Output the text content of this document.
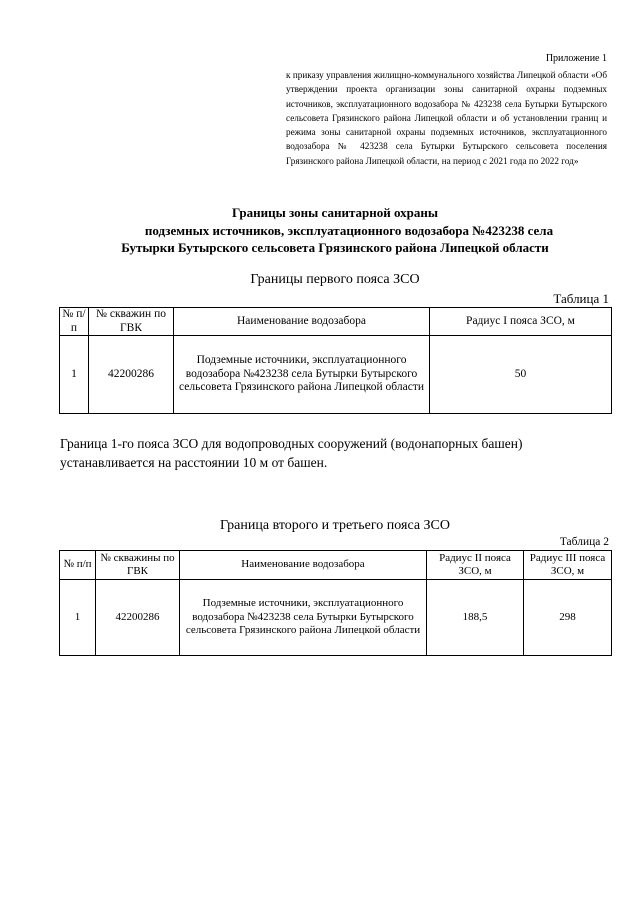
Приложение 1
к приказу управления жилищно-коммунального хозяйства Липецкой области «Об утверждении проекта организации зоны санитарной охраны подземных источников, эксплуатационного водозабора № 423238 села Бутырки Бутырского сельсовета Грязинского района Липецкой области и об установлении границ и режима зоны санитарной охраны подземных источников, эксплуатационного водозабора № 423238 села Бутырки Бутырского сельсовета поселения Грязинского района Липецкой области, на период с 2021 года по 2022 год»
Границы зоны санитарной охраны
подземных источников, эксплуатационного водозабора №423238 села
Бутырки Бутырского сельсовета Грязинского района Липецкой области
Границы первого пояса ЗСО
Таблица 1
№ п/п	№ скважин по ГВК	Наименование водозабора	Радиус I пояса ЗСО, м
1	42200286	Подземные источники, эксплуатационного водозабора №423238 села Бутырки Бутырского сельсовета Грязинского района Липецкой области	50
Граница 1-го пояса ЗСО для водопроводных сооружений (водонапорных башен) устанавливается на расстоянии 10 м от башен.
Граница второго и третьего пояса ЗСО
Таблица 2
№ п/п	№ скважины по ГВК	Наименование водозабора	Радиус II пояса ЗСО, м	Радиус III пояса ЗСО, м
1	42200286	Подземные источники, эксплуатационного водозабора №423238 села Бутырки Бутырского сельсовета Грязинского района Липецкой области	188,5	298
